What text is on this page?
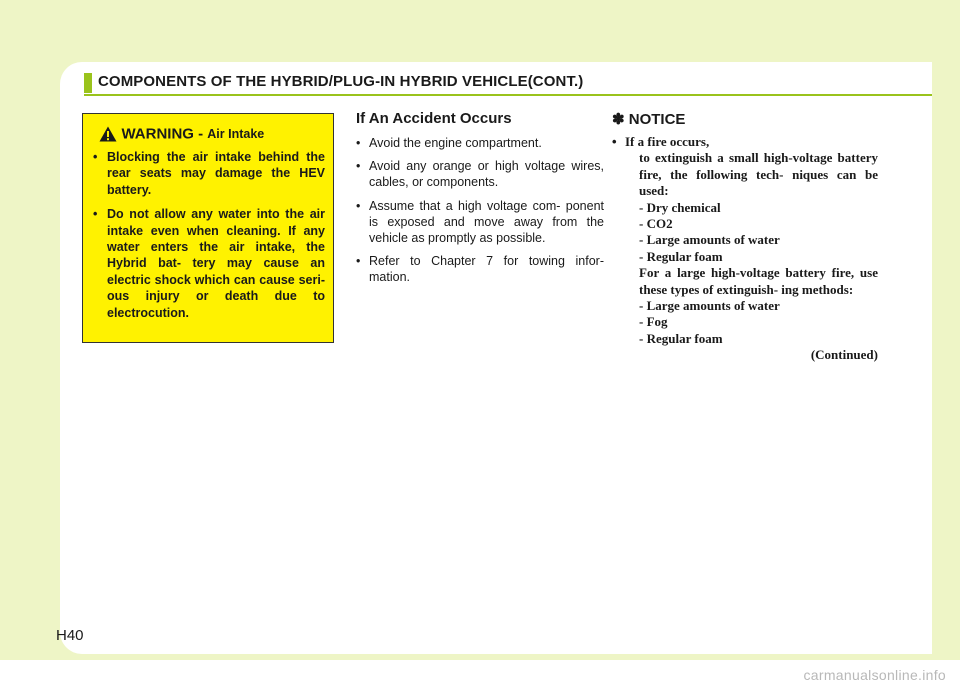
COMPONENTS OF THE HYBRID/PLUG-IN HYBRID VEHICLE(CONT.)
WARNING - Air Intake
• Blocking the air intake behind the rear seats may damage the HEV battery.
• Do not allow any water into the air intake even when cleaning. If any water enters the air intake, the Hybrid bat- tery may cause an electric shock which can cause seri- ous injury or death due to electrocution.
If An Accident Occurs
• Avoid the engine compartment.
• Avoid any orange or high voltage wires, cables, or components.
• Assume that a high voltage com- ponent is exposed and move away from the vehicle as promptly as possible.
• Refer to Chapter 7 for towing infor- mation.
✽ NOTICE
• If a fire occurs,
to extinguish a small high-voltage battery fire, the following tech- niques can be used:
- Dry chemical
- CO2
- Large amounts of water
- Regular foam
For a large high-voltage battery fire, use these types of extinguish- ing methods:
- Large amounts of water
- Fog
- Regular foam
(Continued)
H40
carmanualsonline.info
